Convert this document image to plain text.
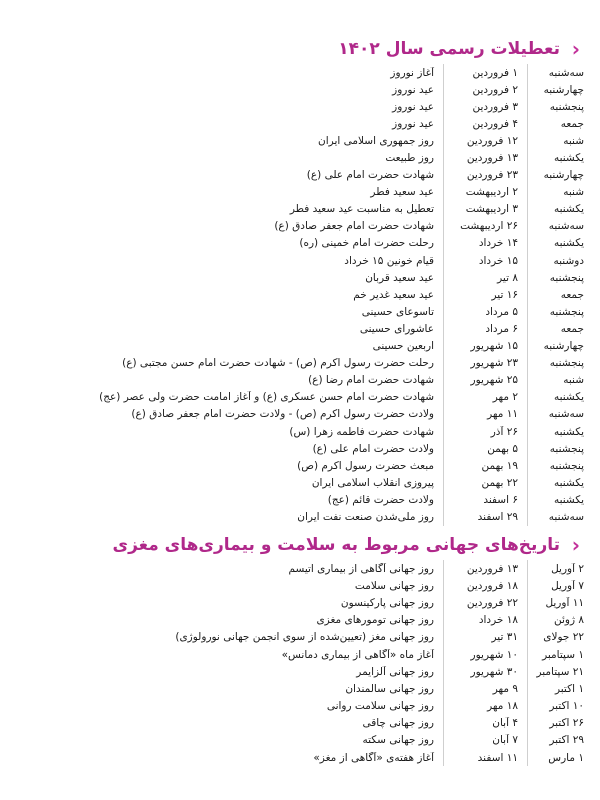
‹
تعطیلات رسمی سال ۱۴۰۲
سه‌شنبه
۱ فروردین
آغاز نوروز
چهارشنبه
۲ فروردین
عید نوروز
پنجشنبه
۳ فروردین
عید نوروز
جمعه
۴ فروردین
عید نوروز
شنبه
۱۲ فروردین
روز جمهوری اسلامی ایران
یکشنبه
۱۳ فروردین
روز طبیعت
چهارشنبه
۲۳ فروردین
شهادت حضرت امام علی (ع)
شنبه
۲ اردیبهشت
عید سعید فطر
یکشنبه
۳ اردیبهشت
تعطیل به مناسبت عید سعید فطر
سه‌شنبه
۲۶ اردیبهشت
شهادت حضرت امام جعفر صادق (ع)
یکشنبه
۱۴ خرداد
رحلت حضرت امام خمینی (ره)
دوشنبه
۱۵ خرداد
قیام خونین ۱۵ خرداد
پنجشنبه
۸ تیر
عید سعید قربان
جمعه
۱۶ تیر
عید سعید غدیر خم
پنجشنبه
۵ مرداد
تاسوعای حسینی
جمعه
۶ مرداد
عاشورای حسینی
چهارشنبه
۱۵ شهریور
اربعین حسینی
پنجشنبه
۲۳ شهریور
رحلت حضرت رسول اکرم (ص) - شهادت حضرت امام حسن مجتبی (ع)
شنبه
۲۵ شهریور
شهادت حضرت امام رضا (ع)
یکشنبه
۲ مهر
شهادت حضرت امام حسن عسکری (ع) و آغاز امامت حضرت ولی عصر (عج)
سه‌شنبه
۱۱ مهر
ولادت حضرت رسول اکرم (ص) - ولادت حضرت امام جعفر صادق (ع)
یکشنبه
۲۶ آذر
شهادت حضرت فاطمه زهرا (س)
پنجشنبه
۵ بهمن
ولادت حضرت امام علی (ع)
پنجشنبه
۱۹ بهمن
مبعث حضرت رسول اکرم (ص)
یکشنبه
۲۲ بهمن
پیروزی انقلاب اسلامی ایران
یکشنبه
۶ اسفند
ولادت حضرت قائم (عج)
سه‌شنبه
۲۹ اسفند
روز ملی‌شدن صنعت نفت ایران
‹
تاریخ‌های جهانی مربوط به سلامت و بیماری‌های مغزی
۲ آوریل
۱۳ فروردین
روز جهانی آگاهی از بیماری اُتیسم
۷ آوریل
۱۸ فروردین
روز جهانی سلامت
۱۱ آوریل
۲۲ فروردین
روز جهانی پارکینسون
۸ ژوئن
۱۸ خرداد
روز جهانی تومورهای مغزی
۲۲ جولای
۳۱ تیر
روز جهانی مغز (تعیین‌شده از سوی انجمن جهانی نورولوژی)
۱ سپتامبر
۱۰ شهریور
آغاز ماه «آگاهی از بیماری دمانس»
۲۱ سپتامبر
۳۰ شهریور
روز جهانی آلزایمر
۱ اکتبر
۹ مهر
روز جهانی سالمندان
۱۰ اکتبر
۱۸ مهر
روز جهانی سلامت روانی
۲۶ اکتبر
۴ آبان
روز جهانی چاقی
۲۹ اکتبر
۷ آبان
روز جهانی سکته
۱ مارس
۱۱ اسفند
آغاز هفته‌ی «آگاهی از مغز»
